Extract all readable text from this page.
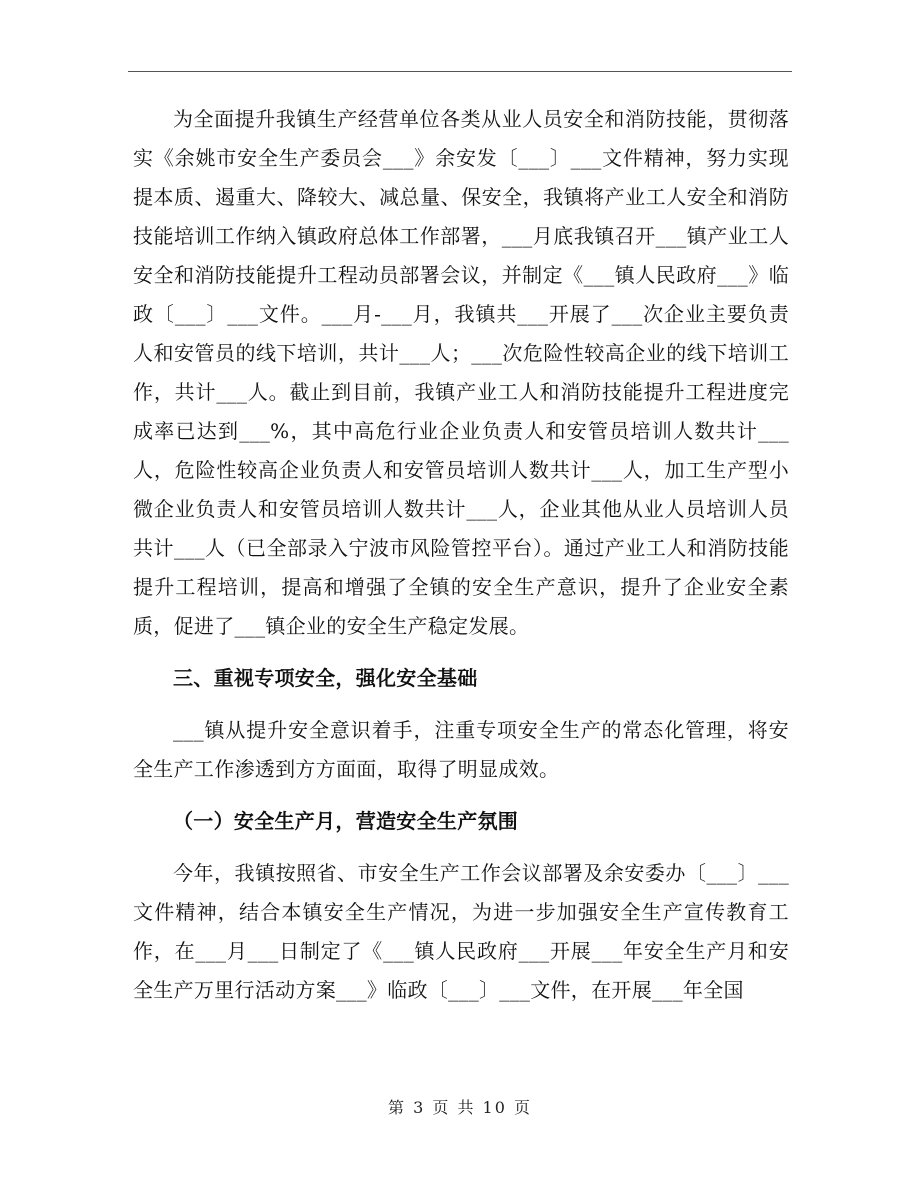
为全面提升我镇生产经营单位各类从业人员安全和消防技能，贯彻落实《余姚市安全生产委员会___》余安发〔___〕___文件精神，努力实现提本质、遏重大、降较大、减总量、保安全，我镇将产业工人安全和消防技能培训工作纳入镇政府总体工作部署，___月底我镇召开___镇产业工人安全和消防技能提升工程动员部署会议，并制定《___镇人民政府___》临政〔___〕___文件。___月-___月，我镇共___开展了___次企业主要负责人和安管员的线下培训，共计___人；___次危险性较高企业的线下培训工作，共计___人。截止到目前，我镇产业工人和消防技能提升工程进度完成率已达到___%，其中高危行业企业负责人和安管员培训人数共计___人，危险性较高企业负责人和安管员培训人数共计___人，加工生产型小微企业负责人和安管员培训人数共计___人，企业其他从业人员培训人员共计___人（已全部录入宁波市风险管控平台）。通过产业工人和消防技能提升工程培训，提高和增强了全镇的安全生产意识，提升了企业安全素质，促进了___镇企业的安全生产稳定发展。

三、重视专项安全，强化安全基础

___镇从提升安全意识着手，注重专项安全生产的常态化管理，将安全生产工作渗透到方方面面，取得了明显成效。

（一）安全生产月，营造安全生产氛围

今年，我镇按照省、市安全生产工作会议部署及余安委办〔___〕___文件精神，结合本镇安全生产情况，为进一步加强安全生产宣传教育工作，在___月___日制定了《___镇人民政府___开展___年安全生产月和安全生产万里行活动方案___》临政〔___〕___文件，在开展___年全国

第 3 页 共 10 页
